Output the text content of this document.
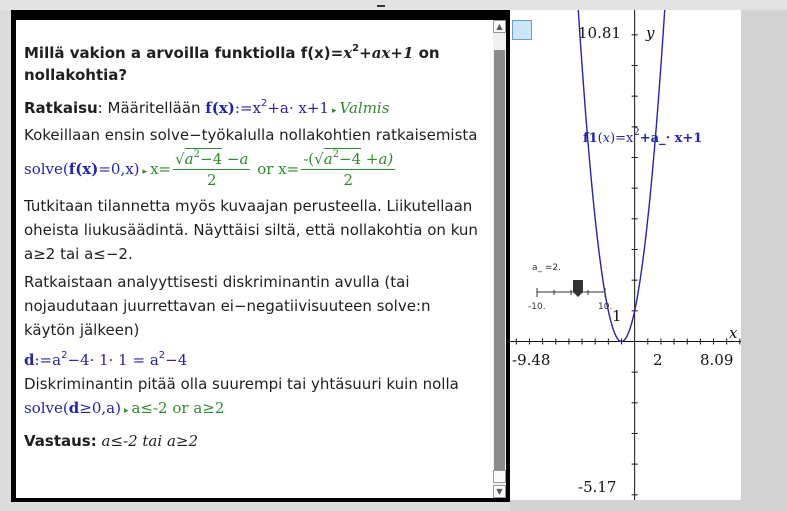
Millä vakion a arvoilla funktiolla $f(x)=x^2+ax+1$ on nollakohtia?

Ratkaisu: Määritellään $f(x):=x^2+a\cdot x+1$ ▸ Valmis

Kokeillaan ensin solve−työkalulla nollakohtien ratkaisemista

solve(f(x)=0,x) ▸ $x= \frac{√a^2-4 -a}{2}$ or $x= \frac{-(√a^2-4 +a)}{2}$

Tutkitaan tilannetta myös kuvaajan perusteella. Liikutellaan oheista liukusäädintä. Näyttäisi siltä, että nollakohtia on kun a≥2 tai a≤−2.

Ratkaistaan analyyttisesti diskriminantin avulla (tai nojaudutaan juurrettavan ei−negatiivisuuteen solve:n käytön jälkeen)

$d:=a^2-4\cdot 1\cdot 1 = a^2-4$

Diskriminantin pitää olla suurempi tai yhtäsuuri kuin nolla

solve(d≥0,a) ▸ a≤-2 or a≥2

Vastaus: a≤-2 tai a≥2

▲
▼
10.81 y
-9.48	8.09
x
2
1
-5.17
$f1(x)=x^2+a\_\cdot x+1$
a_ =2.
-10.	10.
